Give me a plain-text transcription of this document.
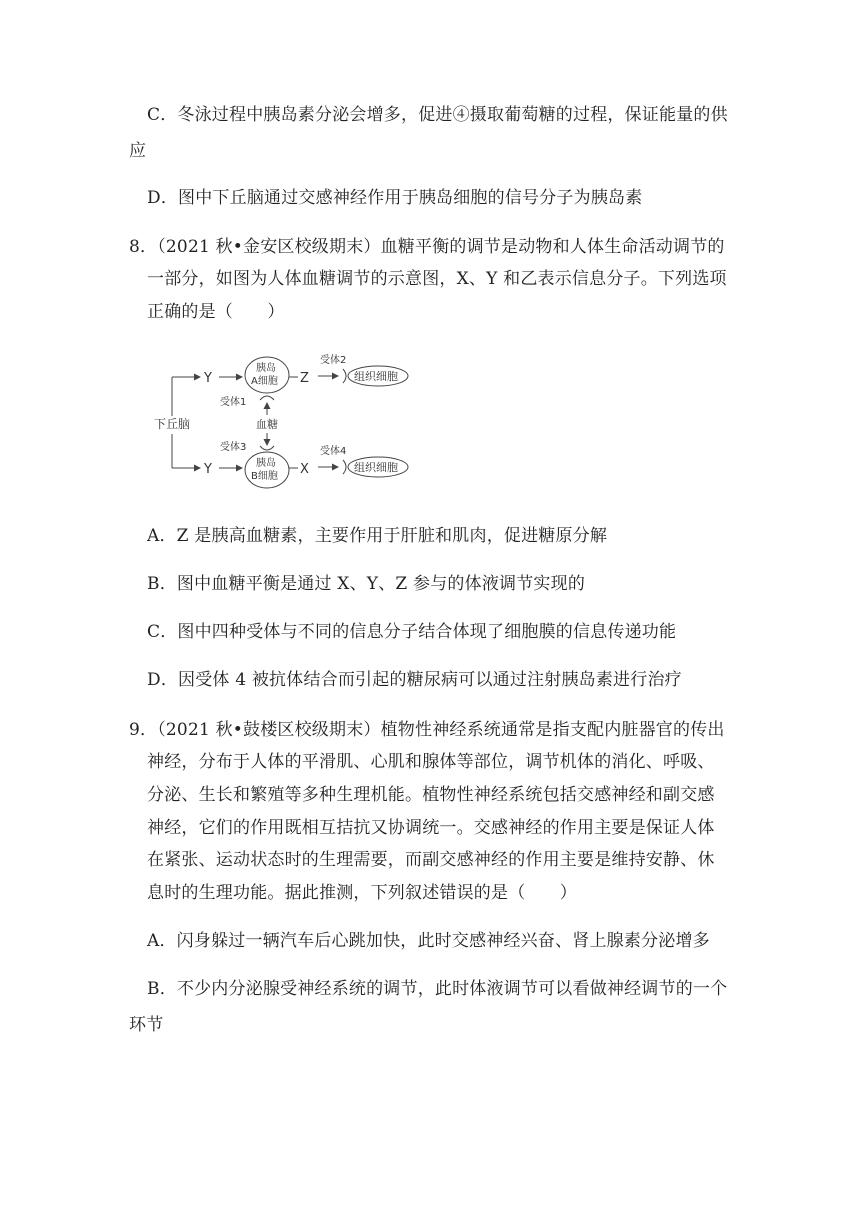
C．冬泳过程中胰岛素分泌会增多，促进④摄取葡萄糖的过程，保证能量的供
应
D．图中下丘脑通过交感神经作用于胰岛细胞的信号分子为胰岛素
8．（2021 秋•金安区校级期末）血糖平衡的调节是动物和人体生命活动调节的
一部分，如图为人体血糖调节的示意图，X、Y 和乙表示信息分子。下列选项
正确的是（　　）
下丘脑
Y
Y
胰岛
A细胞
胰岛
B细胞
受体1
受体3
血糖
Z
受体2
组织细胞
X
受体4
组织细胞
A．Z 是胰高血糖素，主要作用于肝脏和肌肉，促进糖原分解
B．图中血糖平衡是通过 X、Y、Z 参与的体液调节实现的
C．图中四种受体与不同的信息分子结合体现了细胞膜的信息传递功能
D．因受体 4 被抗体结合而引起的糖尿病可以通过注射胰岛素进行治疗
9．（2021 秋•鼓楼区校级期末）植物性神经系统通常是指支配内脏器官的传出
神经，分布于人体的平滑肌、心肌和腺体等部位，调节机体的消化、呼吸、
分泌、生长和繁殖等多种生理机能。植物性神经系统包括交感神经和副交感
神经，它们的作用既相互拮抗又协调统一。交感神经的作用主要是保证人体
在紧张、运动状态时的生理需要，而副交感神经的作用主要是维持安静、休
息时的生理功能。据此推测，下列叙述错误的是（　　）
A．闪身躲过一辆汽车后心跳加快，此时交感神经兴奋、肾上腺素分泌增多
B．不少内分泌腺受神经系统的调节，此时体液调节可以看做神经调节的一个
环节
